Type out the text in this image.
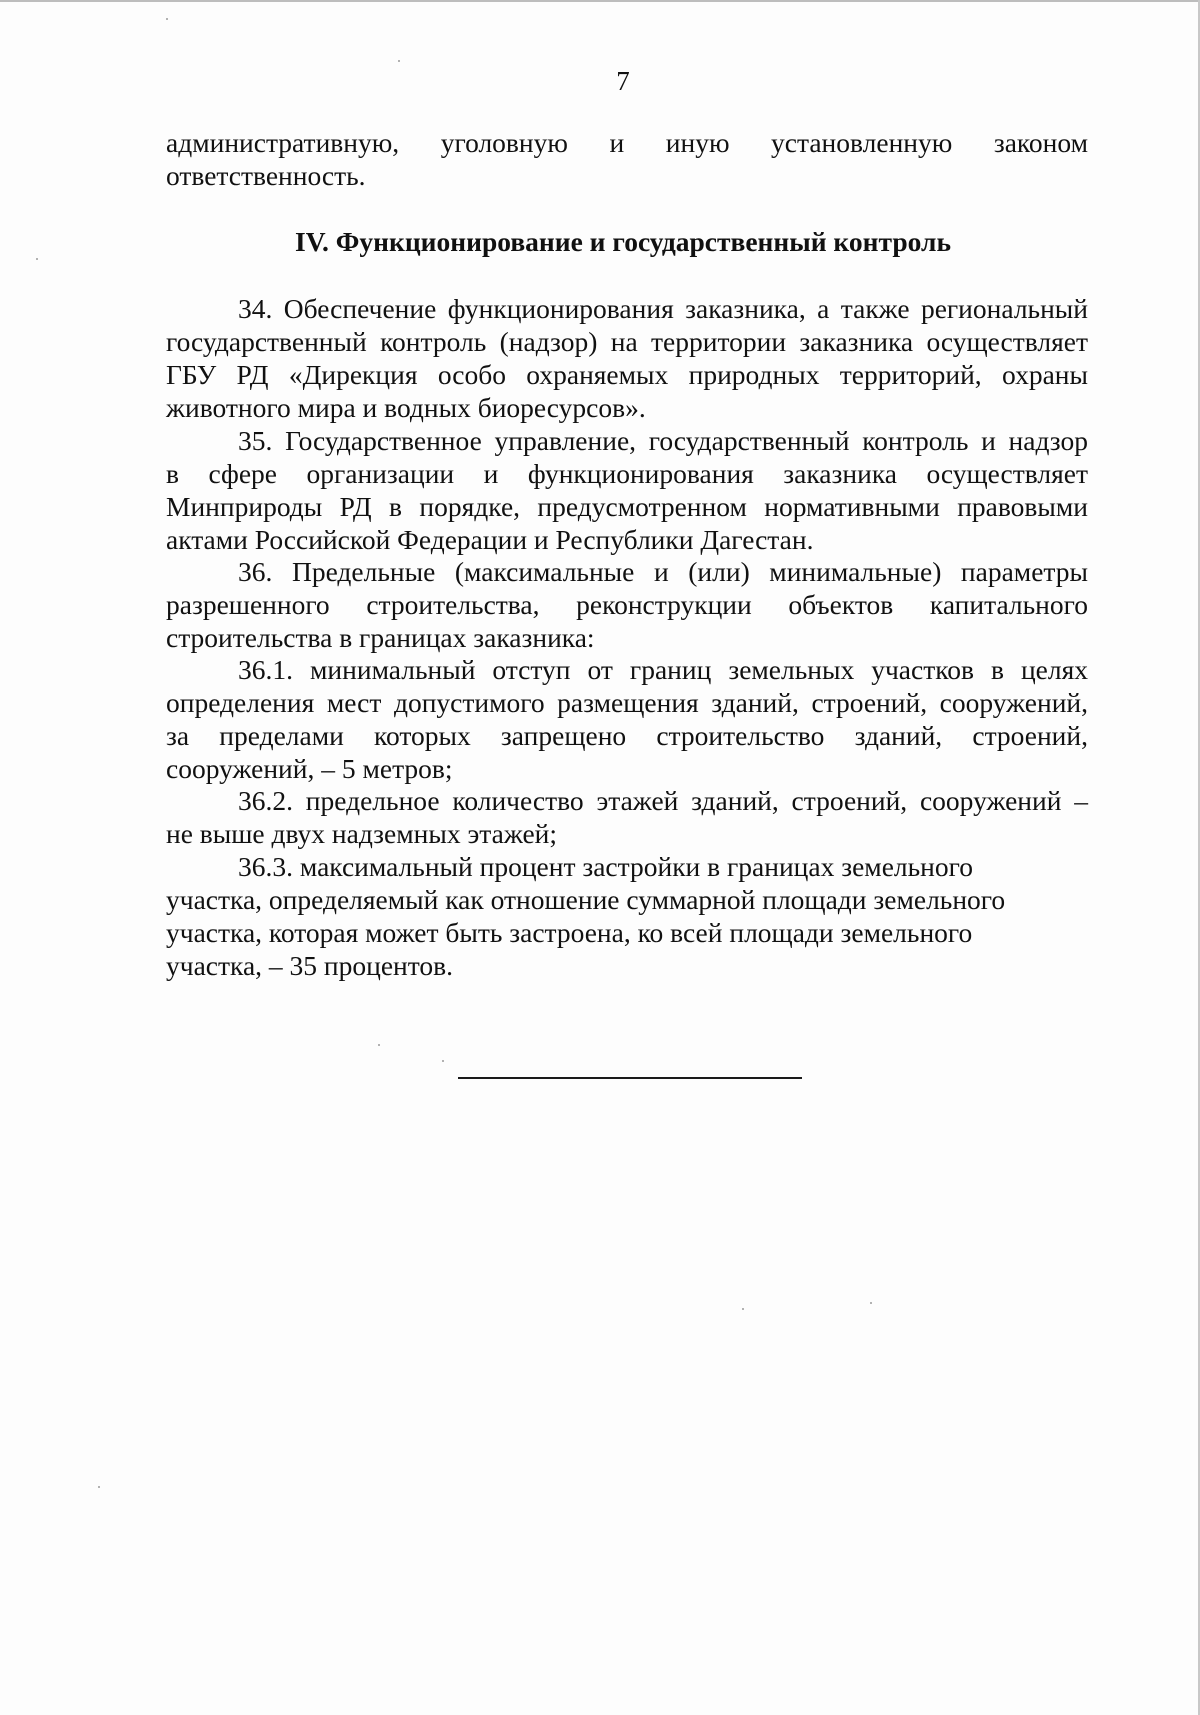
7
административную, уголовную и иную установленную законом
ответственность.
IV. Функционирование и государственный контроль
34. Обеспечение функционирования заказника, а также региональный
государственный контроль (надзор) на территории заказника осуществляет
ГБУ РД «Дирекция особо охраняемых природных территорий, охраны
животного мира и водных биоресурсов».
35. Государственное управление, государственный контроль и надзор
в сфере организации и функционирования заказника осуществляет
Минприроды РД в порядке, предусмотренном нормативными правовыми
актами Российской Федерации и Республики Дагестан.
36. Предельные (максимальные и (или) минимальные) параметры
разрешенного строительства, реконструкции объектов капитального
строительства в границах заказника:
36.1. минимальный отступ от границ земельных участков в целях
определения мест допустимого размещения зданий, строений, сооружений,
за пределами которых запрещено строительство зданий, строений,
сооружений, – 5 метров;
36.2. предельное количество этажей зданий, строений, сооружений –
не выше двух надземных этажей;
36.3. максимальный процент застройки в границах земельного
участка, определяемый как отношение суммарной площади земельного
участка, которая может быть застроена, ко всей площади земельного
участка, – 35 процентов.
